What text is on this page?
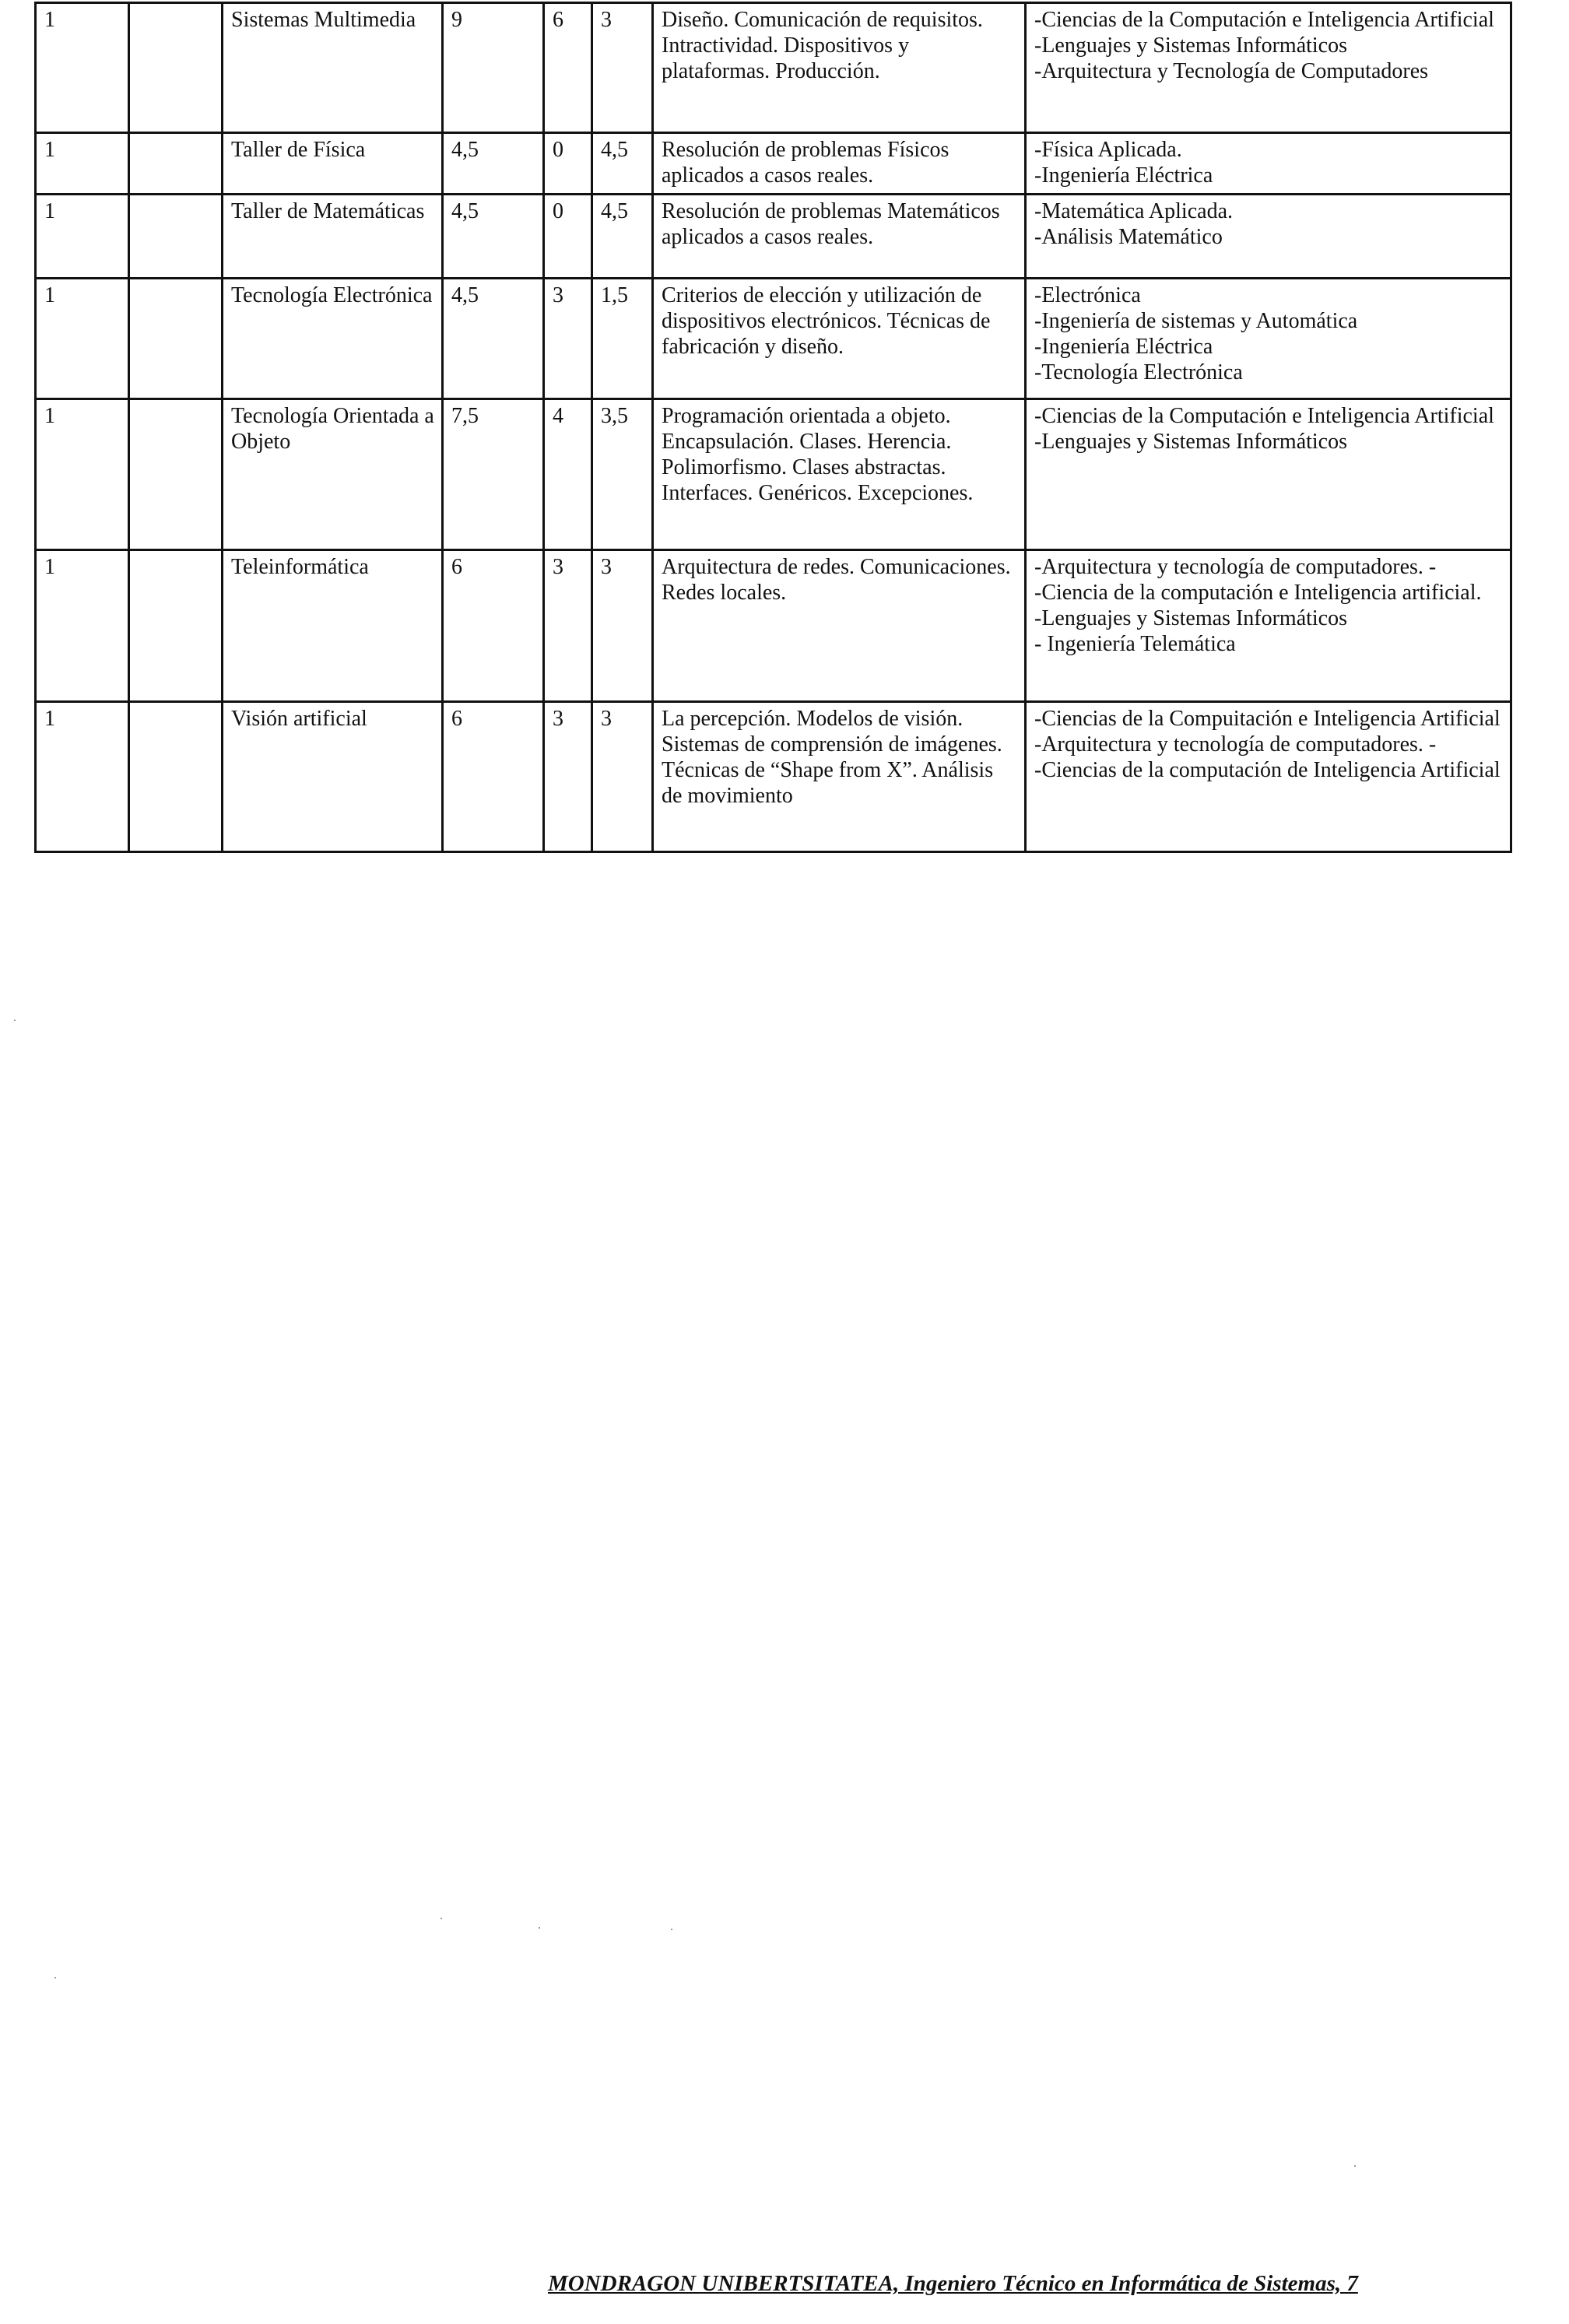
1		Sistemas Multimedia	9	6	3	Diseño. Comunicación de requisitos. Intractividad. Dispositivos y plataformas. Producción.	-Ciencias de la Computación e Inteligencia Artificial
-Lenguajes y Sistemas Informáticos
-Arquitectura y Tecnología de Computadores
1		Taller de Física	4,5	0	4,5	Resolución de problemas Físicos aplicados a casos reales.	-Física Aplicada.
-Ingeniería Eléctrica
1		Taller de Matemáticas	4,5	0	4,5	Resolución de problemas Matemáticos aplicados a casos reales.	-Matemática Aplicada.
-Análisis Matemático
1		Tecnología Electrónica	4,5	3	1,5	Criterios de elección y utilización de dispositivos electrónicos. Técnicas de fabricación y diseño.	-Electrónica
-Ingeniería de sistemas y Automática
-Ingeniería Eléctrica
-Tecnología Electrónica
1		Tecnología Orientada a Objeto	7,5	4	3,5	Programación orientada a objeto. Encapsulación. Clases. Herencia. Polimorfismo. Clases abstractas. Interfaces. Genéricos. Excepciones.	-Ciencias de la Computación e Inteligencia Artificial
-Lenguajes y Sistemas Informáticos
1		Teleinformática	6	3	3	Arquitectura de redes. Comunicaciones. Redes locales.	-Arquitectura y tecnología de computadores. -
-Ciencia de la computación e Inteligencia artificial.
-Lenguajes y Sistemas Informáticos
- Ingeniería Telemática
1		Visión artificial	6	3	3	La percepción. Modelos de visión. Sistemas de comprensión de imágenes. Técnicas de “Shape from X”. Análisis de movimiento	-Ciencias de la Compuitación e Inteligencia Artificial
-Arquitectura y tecnología de computadores. -
-Ciencias de la computación de Inteligencia Artificial
MONDRAGON UNIBERTSITATEA, Ingeniero Técnico en Informática de Sistemas, 7
